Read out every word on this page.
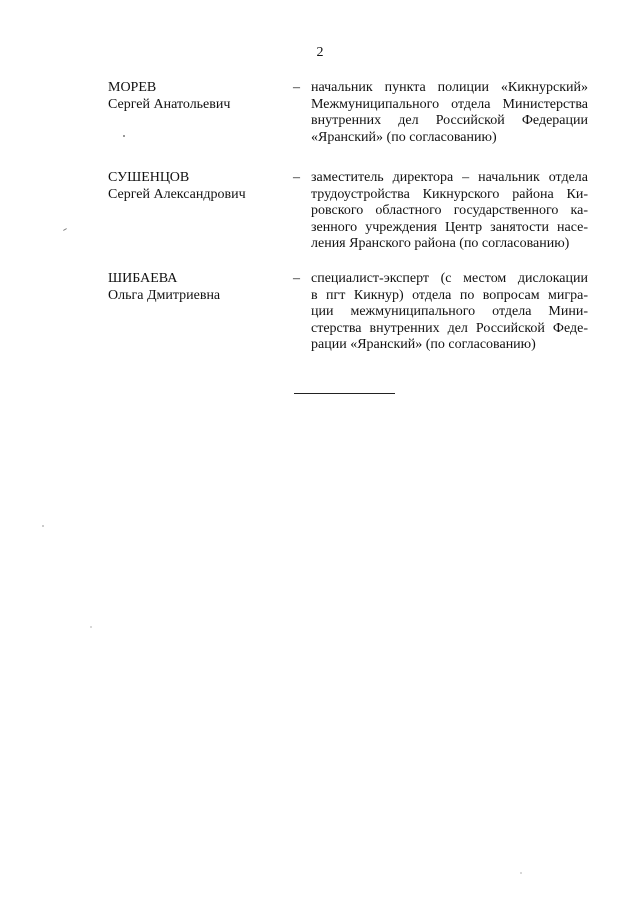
2
МОРЕВ
Сергей Анатольевич
– начальник пункта полиции «Кикнурский»
Межмуниципального отдела Министерства
внутренних дел Российской Федерации
«Яранский» (по согласованию)
СУШЕНЦОВ
Сергей Александрович
– заместитель директора – начальник отдела
трудоустройства Кикнурского района Ки-
ровского областного государственного ка-
зенного учреждения Центр занятости насе-
ления Яранского района (по согласованию)
ШИБАЕВА
Ольга Дмитриевна
– специалист-эксперт (с местом дислокации
в пгт Кикнур) отдела по вопросам мигра-
ции межмуниципального отдела Мини-
стерства внутренних дел Российской Феде-
рации «Яранский» (по согласованию)
